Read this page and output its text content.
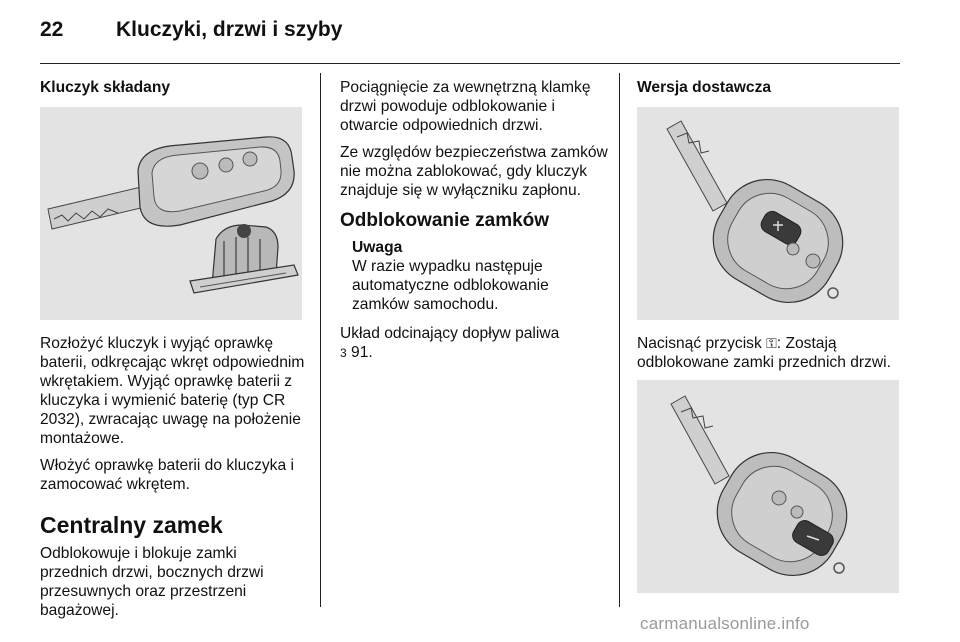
22	Kluczyki, drzwi i szyby
Kluczyk składany

Rozłożyć kluczyk i wyjąć oprawkę baterii, odkręcając wkręt odpowiednim wkrętakiem. Wyjąć oprawkę baterii z kluczyka i wymienić baterię (typ CR 2032), zwracając uwagę na położenie montażowe.

Włożyć oprawkę baterii do kluczyka i zamocować wkrętem.

Centralny zamek

Odblokowuje i blokuje zamki przednich drzwi, bocznych drzwi przesuwnych oraz przestrzeni bagażowej.

Pociągnięcie za wewnętrzną klamkę drzwi powoduje odblokowanie i otwarcie odpowiednich drzwi.

Ze względów bezpieczeństwa zamków nie można zablokować, gdy kluczyk znajduje się w wyłączniku zapłonu.

Odblokowanie zamków
Uwaga
W razie wypadku następuje automatyczne odblokowanie zamków samochodu.

Układ odcinający dopływ paliwa
3 91.

Wersja dostawcza

Nacisnąć przycisk ⚿: Zostają odblokowane zamki przednich drzwi.

carmanualsonline.info
